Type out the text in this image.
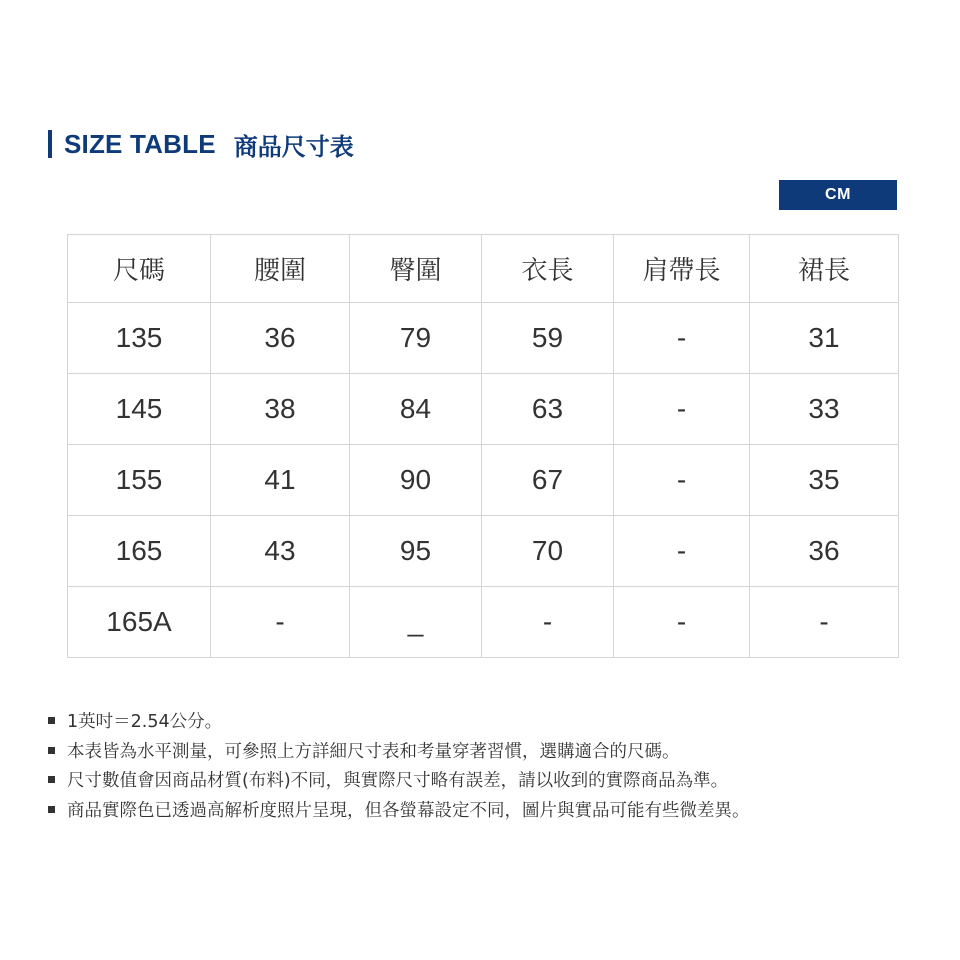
SIZE TABLE 商品尺寸表
CM
尺碼	腰圍	臀圍	衣長	肩帶長	裙長
135	36	79	59	-	31
145	38	84	63	-	33
155	41	90	67	-	35
165	43	95	70	-	36
165A	-	_	-	-	-
1英吋＝2.54公分。
本表皆為水平測量，可參照上方詳細尺寸表和考量穿著習慣，選購適合的尺碼。
尺寸數值會因商品材質(布料)不同，與實際尺寸略有誤差，請以收到的實際商品為準。
商品實際色已透過高解析度照片呈現，但各螢幕設定不同，圖片與實品可能有些微差異。
